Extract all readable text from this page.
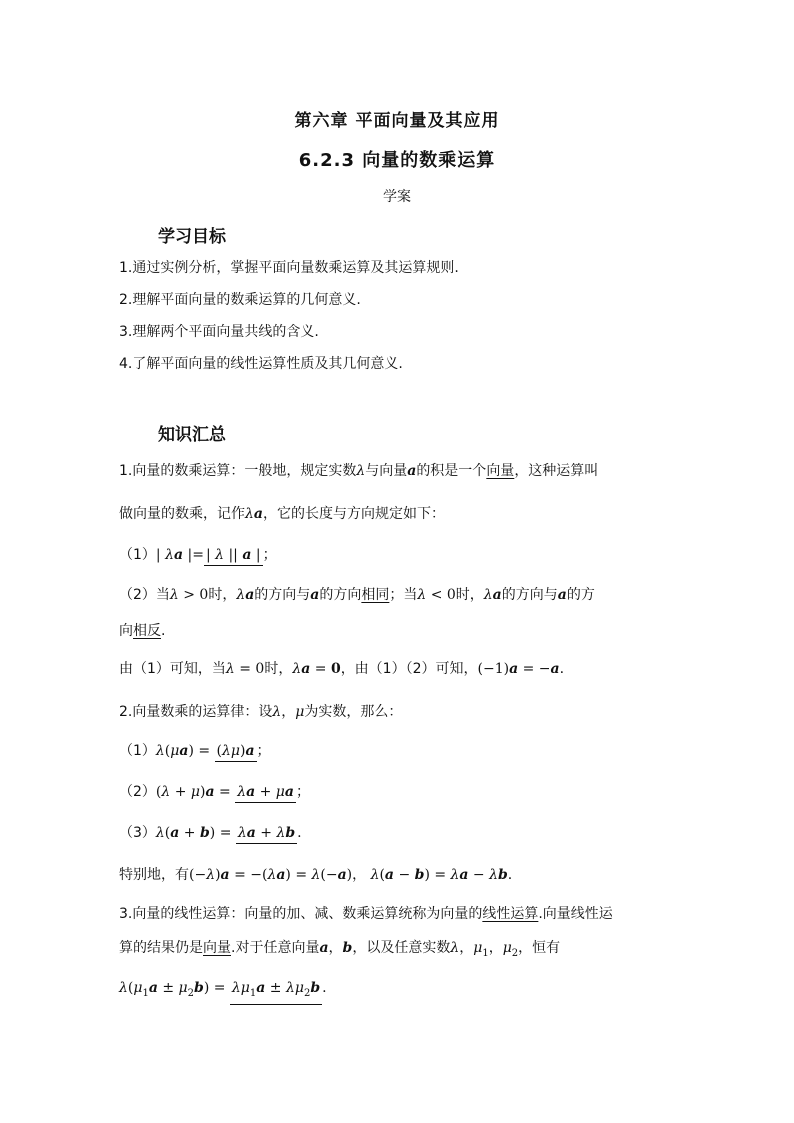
第六章 平面向量及其应用
6.2.3 向量的数乘运算
学案
学习目标
1.通过实例分析，掌握平面向量数乘运算及其运算规则.
2.理解平面向量的数乘运算的几何意义.
3.理解两个平面向量共线的含义.
4.了解平面向量的线性运算性质及其几何意义.
知识汇总
1.向量的数乘运算：一般地，规定实数λ与向量a的积是一个向量，这种运算叫
做向量的数乘，记作λa，它的长度与方向规定如下：
（1）| λa |= | λ || a | ；
（2）当λ > 0时，λa的方向与a的方向相同；当λ < 0时，λa的方向与a的方
向相反.
由（1）可知，当λ = 0时，λa = 0，由（1）（2）可知，(−1)a = −a.
2.向量数乘的运算律：设λ，μ为实数，那么：
（1）λ(μa) = (λμ)a ；
（2）(λ + μ)a = λa + μa ；
（3）λ(a + b) = λa + λb .
特别地，有(−λ)a = −(λa) = λ(−a)， λ(a − b) = λa − λb.
3.向量的线性运算：向量的加、减、数乘运算统称为向量的线性运算.向量线性运
算的结果仍是向量.对于任意向量a，b，以及任意实数λ，$\mu_1$，$\mu_2$，恒有
$\lambda(\mu_1a \pm \mu_2b) = \lambda\mu_1a \pm \lambda\mu_2b$ .
